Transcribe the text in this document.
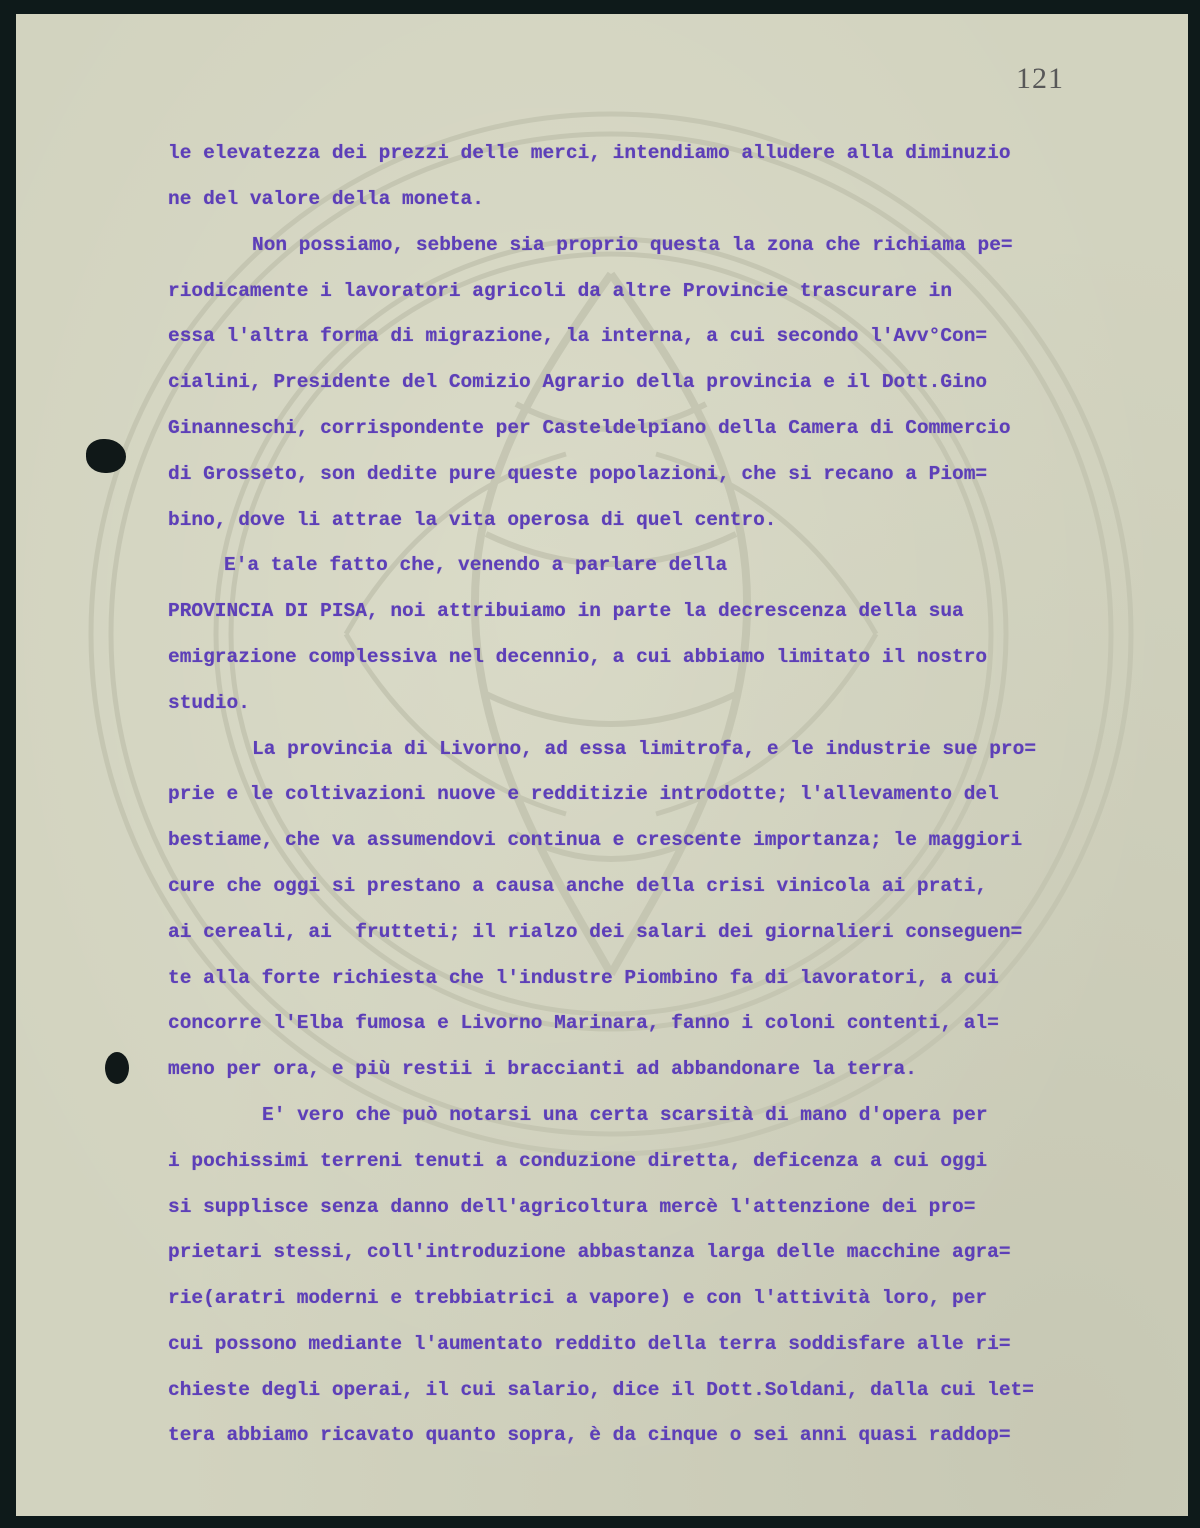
121
le elevatezza dei prezzi delle merci, intendiamo alludere alla diminuzio
ne del valore della moneta.
Non possiamo, sebbene sia proprio questa la zona che richiama pe=
riodicamente i lavoratori agricoli da altre Provincie trascurare in
essa l'altra forma di migrazione, la interna, a cui secondo l'Avv°Con=
cialini, Presidente del Comizio Agrario della provincia e il Dott.Gino
Ginanneschi, corrispondente per Casteldelpiano della Camera di Commercio
di Grosseto, son dedite pure queste popolazioni, che si recano a Piom=
bino, dove li attrae la vita operosa di quel centro.
E'a tale fatto che, venendo a parlare della
PROVINCIA DI PISA, noi attribuiamo in parte la decrescenza della sua
emigrazione complessiva nel decennio, a cui abbiamo limitato il nostro
studio.
La provincia di Livorno, ad essa limitrofa, e le industrie sue pro=
prie e le coltivazioni nuove e redditizie introdotte; l'allevamento del
bestiame, che va assumendovi continua e crescente importanza; le maggiori
cure che oggi si prestano a causa anche della crisi vinicola ai prati,
ai cereali, ai  frutteti; il rialzo dei salari dei giornalieri conseguen=
te alla forte richiesta che l'industre Piombino fa di lavoratori, a cui
concorre l'Elba fumosa e Livorno Marinara, fanno i coloni contenti, al=
meno per ora, e più restii i braccianti ad abbandonare la terra.
E' vero che può notarsi una certa scarsità di mano d'opera per
i pochissimi terreni tenuti a conduzione diretta, deficenza a cui oggi
si supplisce senza danno dell'agricoltura mercè l'attenzione dei pro=
prietari stessi, coll'introduzione abbastanza larga delle macchine agra=
rie(aratri moderni e trebbiatrici a vapore) e con l'attività loro, per
cui possono mediante l'aumentato reddito della terra soddisfare alle ri=
chieste degli operai, il cui salario, dice il Dott.Soldani, dalla cui let=
tera abbiamo ricavato quanto sopra, è da cinque o sei anni quasi raddop=
